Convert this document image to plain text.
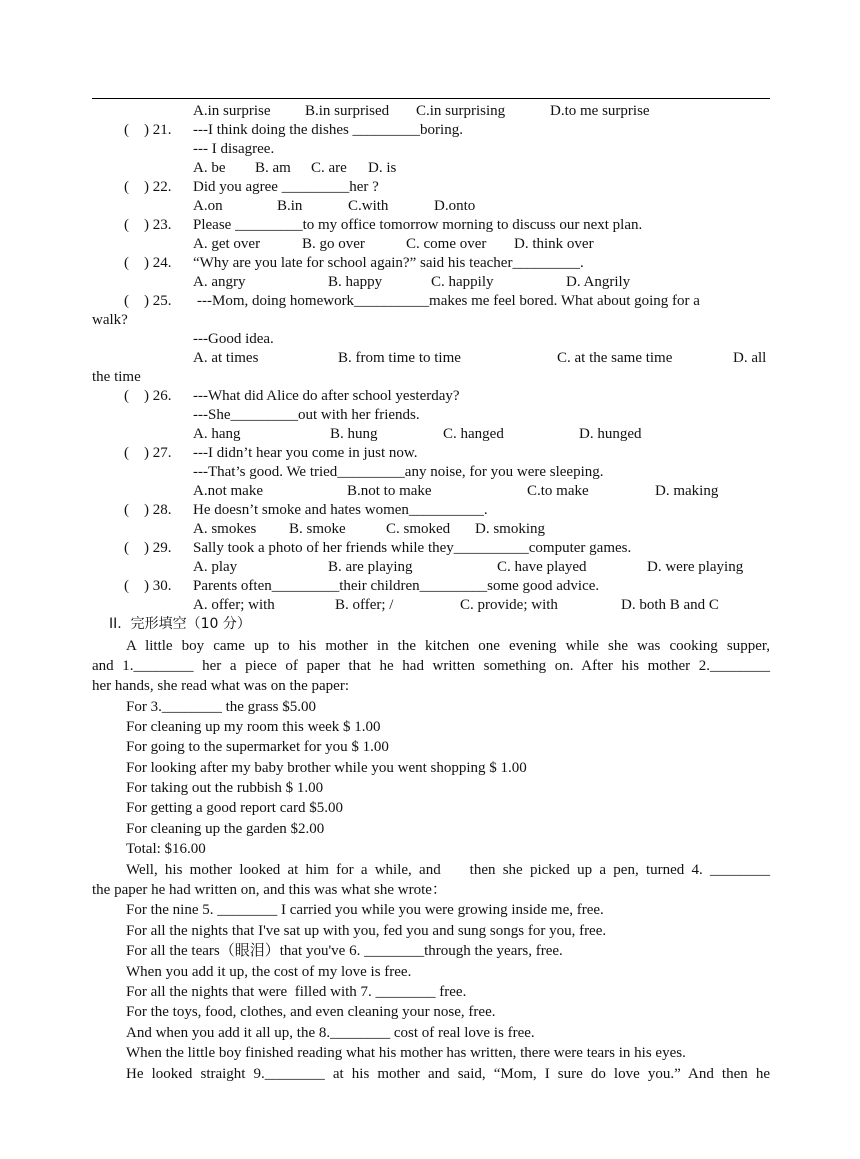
A.in surprise B.in surprised C.in surprising	D.to me surprise
(    ) 21. ---I think doing the dishes _________boring.
--- I disagree.
A. be B. am C. are D. is
(    ) 22. Did you agree _________her ?
A.on	B.in	C.with	D.onto
(    ) 23. Please _________to my office tomorrow morning to discuss our next plan.
A. get over	B. go over	C. come over D. think over
(    ) 24. “Why are you late for school again?” said his teacher_________.
A. angry	B. happy	C. happily	D. Angrily
(    ) 25. ---Mom, doing homework__________makes me feel bored. What about going for a
walk?
---Good idea.
A. at times	B. from time to time	C. at the same time	D. all
the time
(    ) 26. ---What did Alice do after school yesterday?
---She_________out with her friends.
A. hang	B. hung	C. hanged	D. hunged
(    ) 27. ---I didn’t hear you come in just now.
---That’s good. We tried_________any noise, for you were sleeping.
A.not make	B.not to make	C.to make	D. making
(    ) 28. He doesn’t smoke and hates women__________.
A. smokes B. smoke	C. smoked D. smoking
(    ) 29. Sally took a photo of her friends while they__________computer games.
A. play	B. are playing	C. have played	D. were playing
(    ) 30. Parents often_________their children_________some good advice.
A. offer; with	B. offer; /	C. provide; with	D. both B and C
II.  完形填空（10 分）
A little boy came up to his mother in the kitchen one evening while she was cooking supper,
and 1.________ her a piece of paper that he had written something on. After his mother 2.________
her hands, she read what was on the paper:
For 3.________ the grass $5.00
For cleaning up my room this week $ 1.00
For going to the supermarket for you $ 1.00
For looking after my baby brother while you went shopping $ 1.00
For taking out the rubbish $ 1.00
For getting a good report card $5.00
For cleaning up the garden $2.00
Total: $16.00
Well, his mother looked at him for a while, and    then she picked up a pen, turned 4. ________
the paper he had written on, and this was what she wrote：
For the nine 5. ________ I carried you while you were growing inside me, free.
For all the nights that I've sat up with you, fed you and sung songs for you, free.
For all the tears（眼泪）that you've 6. ________through the years, free.
When you add it up, the cost of my love is free.
For all the nights that were  filled with 7. ________ free.
For the toys, food, clothes, and even cleaning your nose, free.
And when you add it all up, the 8.________ cost of real love is free.
When the little boy finished reading what his mother has written, there were tears in his eyes.
He looked straight 9.________ at his mother and said, “Mom, I sure do love you.” And then he
